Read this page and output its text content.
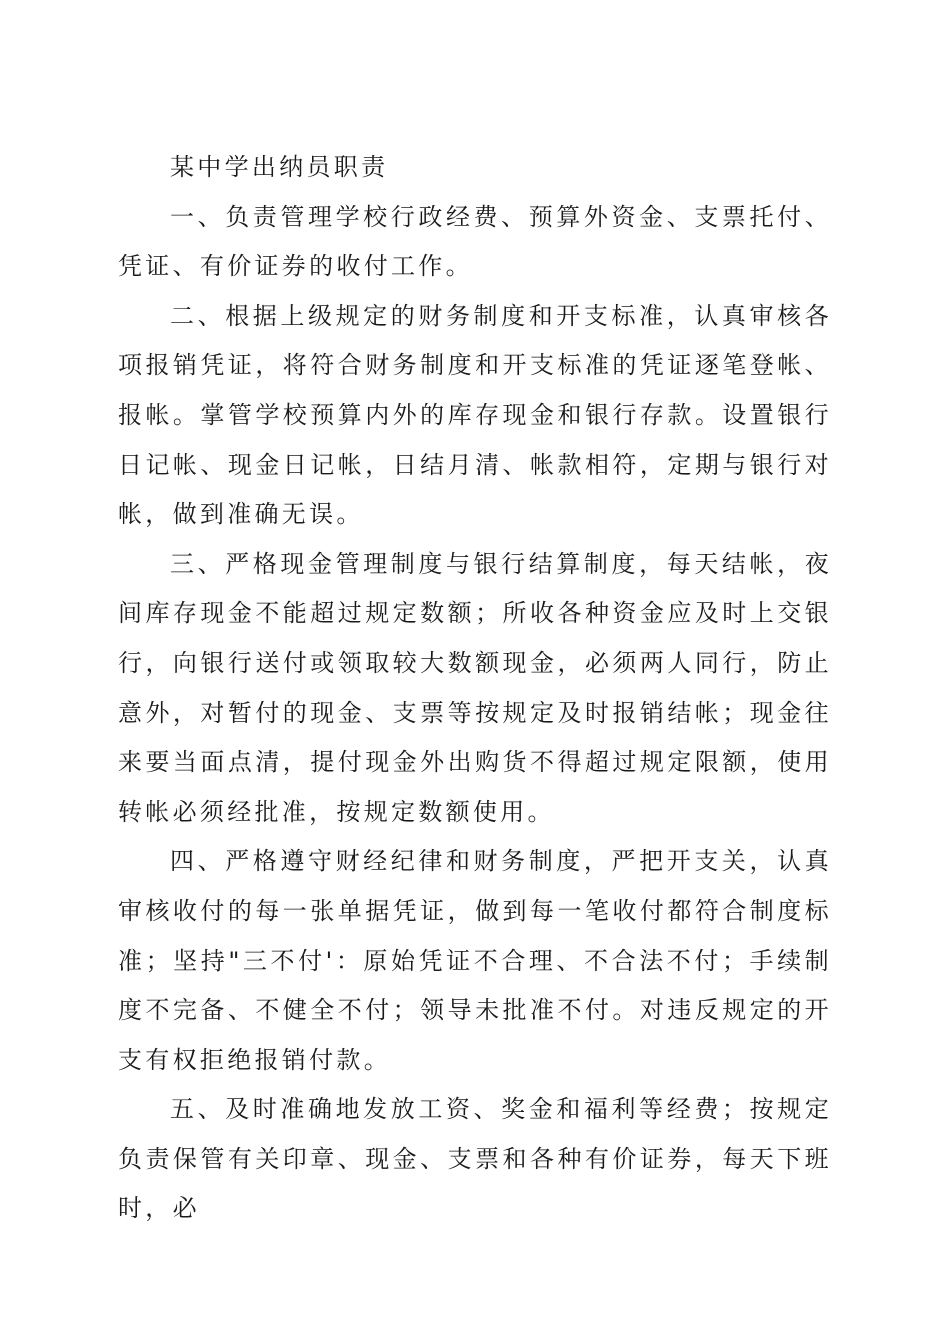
某中学出纳员职责

一、负责管理学校行政经费、预算外资金、支票托付、凭证、有价证券的收付工作。

二、根据上级规定的财务制度和开支标准，认真审核各项报销凭证，将符合财务制度和开支标准的凭证逐笔登帐、报帐。掌管学校预算内外的库存现金和银行存款。设置银行日记帐、现金日记帐，日结月清、帐款相符，定期与银行对帐，做到准确无误。

三、严格现金管理制度与银行结算制度，每天结帐，夜间库存现金不能超过规定数额；所收各种资金应及时上交银行，向银行送付或领取较大数额现金，必须两人同行，防止意外，对暂付的现金、支票等按规定及时报销结帐；现金往来要当面点清，提付现金外出购货不得超过规定限额，使用转帐必须经批准，按规定数额使用。

四、严格遵守财经纪律和财务制度，严把开支关，认真审核收付的每一张单据凭证，做到每一笔收付都符合制度标准；坚持"三不付'：原始凭证不合理、不合法不付；手续制度不完备、不健全不付；领导未批准不付。对违反规定的开支有权拒绝报销付款。

五、及时准确地发放工资、奖金和福利等经费；按规定负责保管有关印章、现金、支票和各种有价证券，每天下班时，必
